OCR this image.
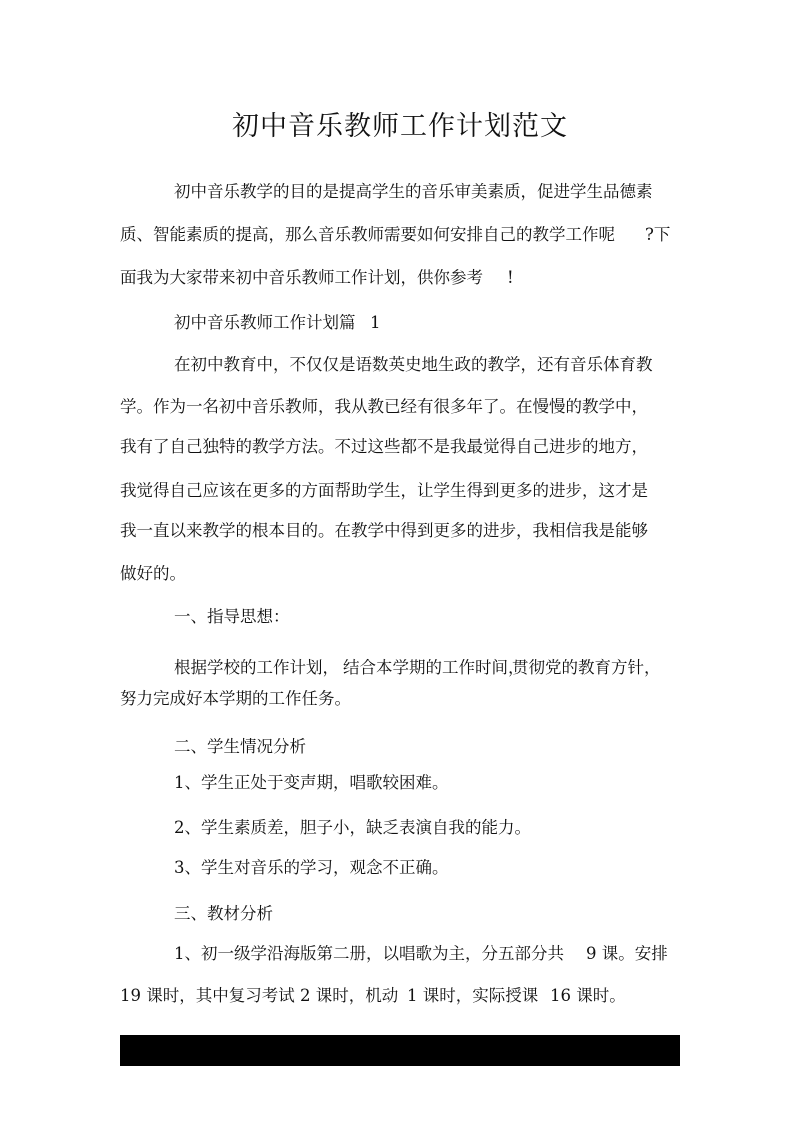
初中音乐教师工作计划范文
初中音乐教学的目的是提高学生的音乐审美素质，促进学生品德素
质、智能素质的提高，那么音乐教师需要如何安排自己的教学工作呢 ?下
面我为大家带来初中音乐教师工作计划，供你参考 !
初中音乐教师工作计划篇 1
在初中教育中，不仅仅是语数英史地生政的教学，还有音乐体育教
学。作为一名初中音乐教师，我从教已经有很多年了。在慢慢的教学中，
我有了自己独特的教学方法。不过这些都不是我最觉得自己进步的地方，
我觉得自己应该在更多的方面帮助学生，让学生得到更多的进步，这才是
我一直以来教学的根本目的。在教学中得到更多的进步，我相信我是能够
做好的。
一、指导思想：
根据学校的工作计划， 结合本学期的工作时间，
贯彻党的教育方针，
努力完成好本学期的工作任务。
二、学生情况分析
1、学生正处于变声期，唱歌较困难。
2、学生素质差，胆子小，缺乏表演自我的能力。
3、学生对音乐的学习，观念不正确。
三、教材分析
1、初一级学沿海版第二册，以唱歌为主，分五部分共 9 课。安排
19 课时，其中复习考试 2 课时，机动 1 课时，实际授课 16 课时。
